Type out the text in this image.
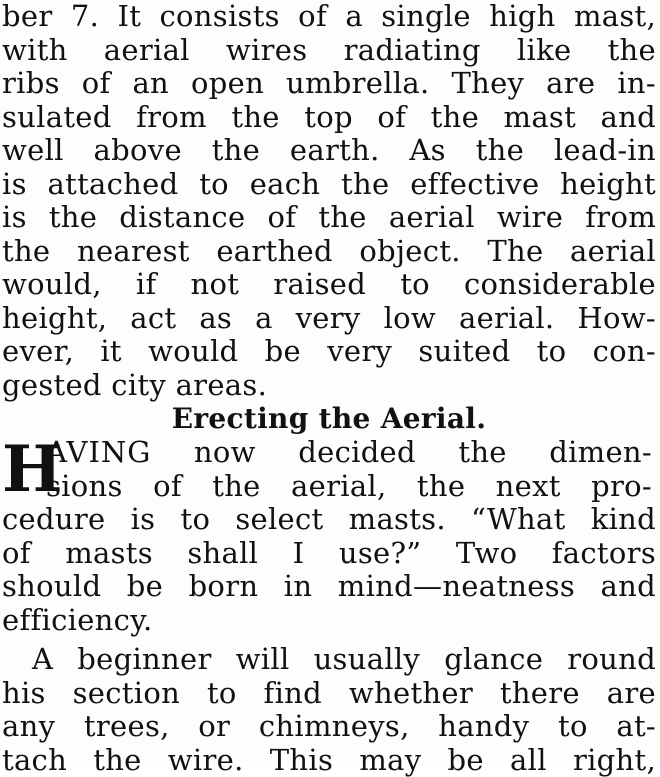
ber 7. It consists of a single high mast,
with aerial wires radiating like the
ribs of an open umbrella. They are in-
sulated from the top of the mast and
well above the earth. As the lead-in
is attached to each the effective height
is the distance of the aerial wire from
the nearest earthed object. The aerial
would, if not raised to considerable
height, act as a very low aerial. How-
ever, it would be very suited to con-
gested city areas.
Erecting the Aerial.
H
AVING now decided the dimen-
sions of the aerial, the next pro-
cedure is to select masts. “What kind
of masts shall I use?” Two factors
should be born in mind—neatness and
efficiency.
A beginner will usually glance round
his section to find whether there are
any trees, or chimneys, handy to at-
tach the wire. This may be all right,
